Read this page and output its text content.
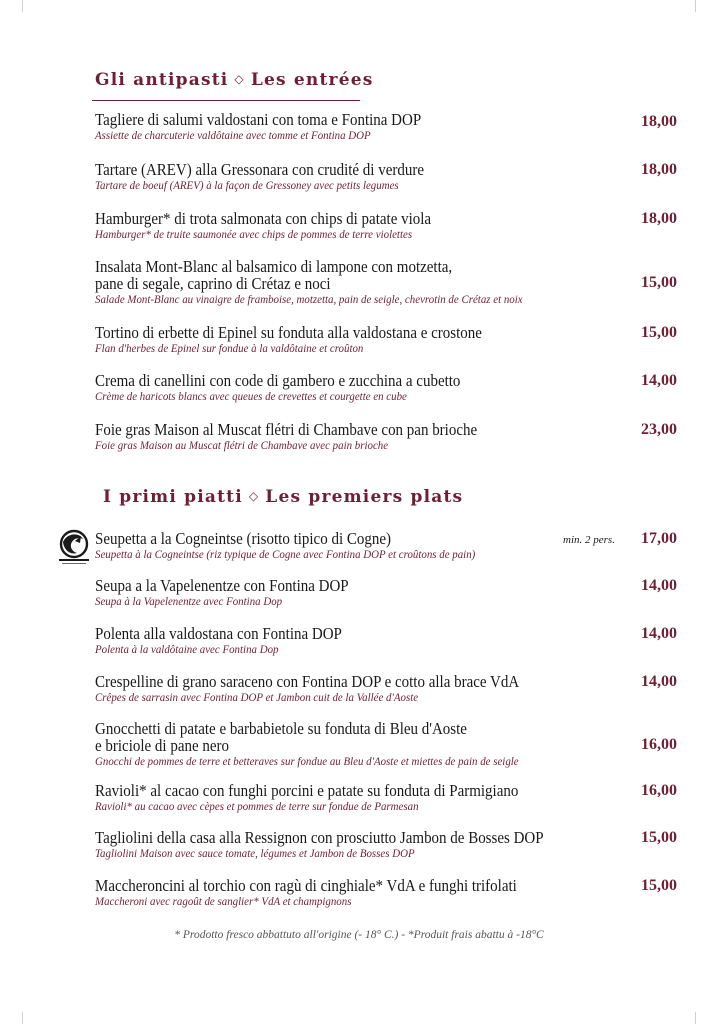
Gli antipasti ◇ Les entrées
Tagliere di salumi valdostani con toma e Fontina DOP
Assiette de charcuterie valdôtaine avec tomme et Fontina DOP
18,00
Tartare (AREV) alla Gressonara con crudité di verdure
Tartare de boeuf (AREV) à la façon de Gressoney avec petits legumes
18,00
Hamburger* di trota salmonata con chips di patate viola
Hamburger* de truite saumonée avec chips de pommes de terre violettes
18,00
Insalata Mont-Blanc al balsamico di lampone con motzetta,
pane di segale, caprino di Crétaz e noci
Salade Mont-Blanc au vinaigre de framboise, motzetta, pain de seigle, chevrotin de Crétaz et noix
15,00
Tortino di erbette di Epinel su fonduta alla valdostana e crostone
Flan d'herbes de Epinel sur fondue à la valdôtaine et croûton
15,00
Crema di canellini con code di gambero e zucchina a cubetto
Crème de haricots blancs avec queues de crevettes et courgette en cube
14,00
Foie gras Maison al Muscat flétri di Chambave con pan brioche
Foie gras Maison au Muscat flétri de Chambave avec pain brioche
23,00
I primi piatti ◇ Les premiers plats
Seupetta a la Cogneintse (risotto tipico di Cogne)
Seupetta à la Cogneintse (riz typique de Cogne avec Fontina DOP et croûtons de pain)
min. 2 pers. 17,00
Seupa a la Vapelenentze con Fontina DOP
Seupa à la Vapelenentze avec Fontina Dop
14,00
Polenta alla valdostana con Fontina DOP
Polenta à la valdôtaine avec Fontina Dop
14,00
Crespelline di grano saraceno con Fontina DOP e cotto alla brace VdA
Crêpes de sarrasin avec Fontina DOP et Jambon cuit de la Vallée d'Aoste
14,00
Gnocchetti di patate e barbabietole su fonduta di Bleu d'Aoste
e briciole di pane nero
Gnocchi de pommes de terre et betteraves sur fondue au Bleu d'Aoste et miettes de pain de seigle
16,00
Ravioli* al cacao con funghi porcini e patate su fonduta di Parmigiano
Ravioli* au cacao avec cèpes et pommes de terre sur fondue de Parmesan
16,00
Tagliolini della casa alla Ressignon con prosciutto Jambon de Bosses DOP
Tagliolini Maison avec sauce tomate, légumes et Jambon de Bosses DOP
15,00
Maccheroncini al torchio con ragù di cinghiale* VdA e funghi trifolati
Maccheroni avec ragoût de sanglier* VdA et champignons
15,00
* Prodotto fresco abbattuto all'origine (- 18° C.) - *Produit frais abattu à -18°C
